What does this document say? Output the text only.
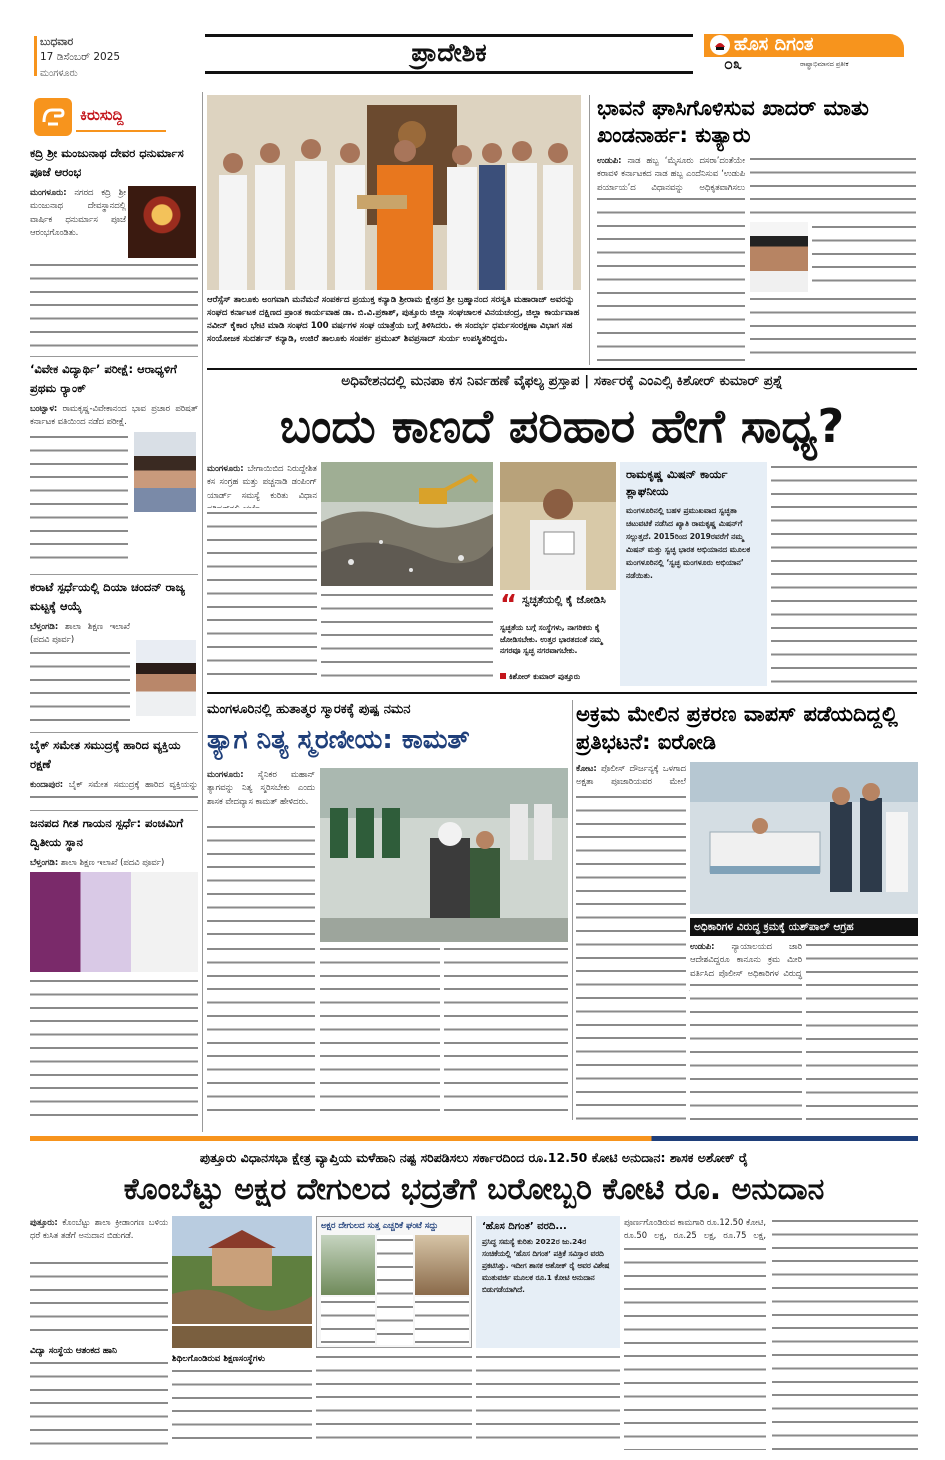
ಬುಧವಾರ
17 ಡಿಸೆಂಬರ್ 2025
ಮಂಗಳೂರು
ಪ್ರಾದೇಶಿಕ	ಹೊಸ ದಿಗಂತ
ರಾಷ್ಟ್ರಾಭಿಮಾನದ ಪ್ರತೀಕ
೦೩
ಕಿರುಸುದ್ದಿ
ಕದ್ರಿ ಶ್ರೀ ಮಂಜುನಾಥ ದೇವರ ಧನುರ್ಮಾಸ ಪೂಜೆ ಆರಂಭ
ಮಂಗಳೂರು: ನಗರದ ಕದ್ರಿ ಶ್ರೀ ಮಂಜುನಾಥ ದೇವಸ್ಥಾನದಲ್ಲಿ ವಾರ್ಷಿಕ ಧನುರ್ಮಾಸ ಪೂಜೆ ಆರಂಭಗೊಂಡಿತು.
‘ವಿವೇಕ ವಿದ್ಯಾರ್ಥಿ’ ಪರೀಕ್ಷೆ: ಆರಾಧ್ಯಳಿಗೆ ಪ್ರಥಮ ರ‍್ಯಾಂಕ್
ಬಂಟ್ವಾಳ: ರಾಮಕೃಷ್ಣ-ವಿವೇಕಾನಂದ ಭಾವ ಪ್ರಚಾರ ಪರಿಷತ್ ಕರ್ನಾಟಕ ವತಿಯಿಂದ ನಡೆದ ಪರೀಕ್ಷೆ.
ಕರಾಟೆ ಸ್ಪರ್ಧೆಯಲ್ಲಿ ದಿಯಾ ಚಂದನ್ ರಾಜ್ಯ ಮಟ್ಟಕ್ಕೆ ಆಯ್ಕೆ
ಬೆಳ್ತಂಗಡಿ: ಶಾಲಾ ಶಿಕ್ಷಣ ಇಲಾಖೆ (ಪದವಿ ಪೂರ್ವ)
ಬೈಕ್ ಸಮೇತ ಸಮುದ್ರಕ್ಕೆ ಹಾರಿದ ವ್ಯಕ್ತಿಯ ರಕ್ಷಣೆ
ಕುಂದಾಪುರ: ಬೈಕ್ ಸಮೇತ ಸಮುದ್ರಕ್ಕೆ ಹಾರಿದ ವ್ಯಕ್ತಿಯನ್ನು
ಜನಪದ ಗೀತ ಗಾಯನ ಸ್ಪರ್ಧೆ: ಪಂಚಮಿಗೆ ದ್ವಿತೀಯ ಸ್ಥಾನ
ಬೆಳ್ತಂಗಡಿ: ಶಾಲಾ ಶಿಕ್ಷಣ ಇಲಾಖೆ (ಪದವಿ ಪೂರ್ವ)
ಆರೆಸ್ಸೆಸ್ ತಾಲೂಕು ಅಂಗವಾಗಿ ಮನೆಮನೆ ಸಂಪರ್ಕದ ಪ್ರಯುಕ್ತ ಕನ್ಯಾಡಿ ಶ್ರೀರಾಮ ಕ್ಷೇತ್ರದ ಶ್ರೀ ಬ್ರಹ್ಮಾನಂದ ಸರಸ್ವತಿ ಮಹಾರಾಜ್ ಅವರನ್ನು ಸಂಘದ ಕರ್ನಾಟಕ ದಕ್ಷಿಣದ ಪ್ರಾಂತ ಕಾರ್ಯವಾಹ ಡಾ. ಬಿ.ವಿ.ಪ್ರಕಾಶ್, ಪುತ್ತೂರು ಜಿಲ್ಲಾ ಸಂಘಚಾಲಕ ವಿನಯಚಂದ್ರ, ಜಿಲ್ಲಾ ಕಾರ್ಯವಾಹ ನವೀನ್ ಕೈಕಾರ ಭೇಟಿ ಮಾಡಿ ಸಂಘದ 100 ವರ್ಷಗಳ ಸಂಘ ಯಾತ್ರೆಯ ಬಗ್ಗೆ ತಿಳಿಸಿದರು. ಈ ಸಂದರ್ಭ ಧರ್ಮಸಂರಕ್ಷಣಾ ವಿಭಾಗ ಸಹ ಸಂಯೋಜಕ ಸುದರ್ಶನ್ ಕನ್ಯಾಡಿ, ಉಜಿರೆ ತಾಲೂಕು ಸಂಪರ್ಕ ಪ್ರಮುಖ್ ಶಿವಪ್ರಸಾದ್ ಸುರ್ಯ ಉಪಸ್ಥಿತರಿದ್ದರು.
ಭಾವನೆ ಘಾಸಿಗೊಳಿಸುವ ಖಾದರ್ ಮಾತು ಖಂಡನಾರ್ಹ: ಕುತ್ಯಾರು
ಉಡುಪಿ: ನಾಡ ಹಬ್ಬ ‘ಮೈಸೂರು ದಸರಾ’ದಂತೆಯೇ ಕರಾವಳಿ ಕರ್ನಾಟಕದ ನಾಡ ಹಬ್ಬ ಎಂದೆನಿಸುವ ‘ಉಡುಪಿ ಪರ್ಯಾಯ’ದ ವಿಧಾನವನ್ನು ಅಧಿಕೃತವಾಗಿಸಲು
ಅಧಿವೇಶನದಲ್ಲಿ ಮನಪಾ ಕಸ ನಿರ್ವಹಣೆ ವೈಫಲ್ಯ ಪ್ರಸ್ತಾಪ | ಸರ್ಕಾರಕ್ಕೆ ಎಂಎಲ್ಸಿ ಕಿಶೋರ್ ಕುಮಾರ್ ಪ್ರಶ್ನೆ
ಬಂದು ಕಾಣದೆ ಪರಿಹಾರ ಹೇಗೆ ಸಾಧ್ಯ?
ಮಂಗಳೂರು: ಬೇಗಾಯಿಬಿದ ನಿರುದ್ದೇಶಿತ ಕಸ ಸಂಗ್ರಹ ಮತ್ತು ಪಚ್ಚನಾಡಿ ಡಂಪಿಂಗ್ ಯಾರ್ಡ್ ಸಮಸ್ಯೆ ಕುರಿತು ವಿಧಾನ
“ ಸ್ವಚ್ಛತೆಯಲ್ಲಿ ಕೈ ಜೋಡಿಸಿ
ಸ್ವಚ್ಛತೆಯ ಬಗ್ಗೆ ಸಂಸ್ಥೆಗಳು, ನಾಗರಿಕರು ಕೈ ಜೋಡಿಸಬೇಕು. ಉತ್ತರ ಭಾರತದಂತೆ ನಮ್ಮ ನಗರವೂ ಸ್ವಚ್ಛ ನಗರವಾಗಬೇಕು.
ಕಿಶೋರ್ ಕುಮಾರ್ ಪುತ್ತೂರು
ರಾಮಕೃಷ್ಣ ಮಿಷನ್ ಕಾರ್ಯ ಶ್ಲಾಘನೀಯ
ಮಂಗಳೂರಿನಲ್ಲಿ ಬಹಳ ಪ್ರಮುಖವಾದ ಸ್ವಚ್ಛತಾ ಚಟುವಟಿಕೆ ನಡೆಸಿದ ಖ್ಯಾತಿ ರಾಮಕೃಷ್ಣ ಮಿಷನ್‌ಗೆ ಸಲ್ಲುತ್ತದೆ. 2015ರಿಂದ 2019ರವರೆಗೆ ನಮ್ಮ ಮಿಷನ್ ಮತ್ತು ಸ್ವಚ್ಛ ಭಾರತ ಅಭಿಯಾನದ ಮೂಲಕ ಮಂಗಳೂರಿನಲ್ಲಿ ‘ಸ್ವಚ್ಛ ಮಂಗಳೂರು ಅಭಿಯಾನ’ ನಡೆಯಿತು.
ಮಂಗಳೂರಿನಲ್ಲಿ ಹುತಾತ್ಮರ ಸ್ಮಾರಕಕ್ಕೆ ಪುಷ್ಪ ನಮನ
ತ್ಯಾಗ ನಿತ್ಯ ಸ್ಮರಣೀಯ: ಕಾಮತ್
ಮಂಗಳೂರು: ಸೈನಿಕರ ಮಹಾನ್ ತ್ಯಾಗವನ್ನು ನಿತ್ಯ ಸ್ಮರಿಸಬೇಕು ಎಂದು ಶಾಸಕ ವೇದವ್ಯಾಸ ಕಾಮತ್ ಹೇಳಿದರು.
ಅಕ್ರಮ ಮೇಲಿನ ಪ್ರಕರಣ ವಾಪಸ್ ಪಡೆಯದಿದ್ದಲ್ಲಿ ಪ್ರತಿಭಟನೆ: ಐರೋಡಿ
ಕೋಟ: ಪೊಲೀಸ್ ದೌರ್ಜನ್ಯಕ್ಕೆ ಒಳಗಾದ ಅಕ್ಷತಾ ಪೂಜಾರಿಯವರ ಮೇಲೆ
ಅಧಿಕಾರಿಗಳ ವಿರುದ್ಧ ಕ್ರಮಕ್ಕೆ ಯಶ್‌ಪಾಲ್ ಆಗ್ರಹ
ಉಡುಪಿ: ನ್ಯಾಯಾಲಯದ ಜಾರಿ ಆದೇಶವಿದ್ದರೂ ಕಾನೂನು ಕ್ರಮ ಮೀರಿ ವರ್ತಿಸಿದ ಪೊಲೀಸ್ ಅಧಿಕಾರಿಗಳ ವಿರುದ್ಧ
ಪುತ್ತೂರು ವಿಧಾನಸಭಾ ಕ್ಷೇತ್ರ ವ್ಯಾಪ್ತಿಯ ಮಳೆಹಾನಿ ನಷ್ಟ ಸರಿಪಡಿಸಲು ಸರ್ಕಾರದಿಂದ ರೂ.12.50 ಕೋಟಿ ಅನುದಾನ: ಶಾಸಕ ಅಶೋಕ್ ರೈ
ಕೊಂಬೆಟ್ಟು ಅಕ್ಷರ ದೇಗುಲದ ಭದ್ರತೆಗೆ ಬರೋಬ್ಬರಿ ಕೋಟಿ ರೂ. ಅನುದಾನ
ಪುತ್ತೂರು: ಕೊಂಬೆಟ್ಟು ಶಾಲಾ ಕ್ರೀಡಾಂಗಣ ಬಳಿಯ ಧರೆ ಕುಸಿತ ತಡೆಗೆ ಅನುದಾನ ಬಿಡುಗಡೆ.
ವಿದ್ಯಾ ಸಂಸ್ಥೆಯ ಆತಂಕದ ಹಾನಿ
ಅಕ್ಷರ ದೇಗುಲದ ಸುತ್ತ ಎಚ್ಚರಿಕೆ ಘಂಟೆ ಸದ್ದು	‘ಹೊಸ ದಿಗಂತ’ ವರದಿ...
ಪ್ರಸಿದ್ಧ ಸಮಸ್ಯೆ ಕುರಿತು 2022ರ ಜು.24ರ ಸಂಚಿಕೆಯಲ್ಲಿ ‘ಹೊಸ ದಿಗಂತ’ ಪತ್ರಿಕೆ ಸವಿಸ್ತಾರ ವರದಿ ಪ್ರಕಟಿಸಿತ್ತು. ಇದೀಗ ಶಾಸಕ ಅಶೋಕ್ ರೈ ಅವರ ವಿಶೇಷ ಮುತುವರ್ಜಿ ಮೂಲಕ ರೂ.1 ಕೋಟಿ ಅನುದಾನ ಬಿಡುಗಡೆಯಾಗಿದೆ.
ಶಿಥಿಲಗೊಂಡಿರುವ ಶಿಕ್ಷಣಸಂಸ್ಥೆಗಳು
ಪೂರ್ಣಗೊಂಡಿರುವ ಕಾಮಗಾರಿ ರೂ.12.50 ಕೋಟಿ, ರೂ.50 ಲಕ್ಷ, ರೂ.25 ಲಕ್ಷ, ರೂ.75 ಲಕ್ಷ,
